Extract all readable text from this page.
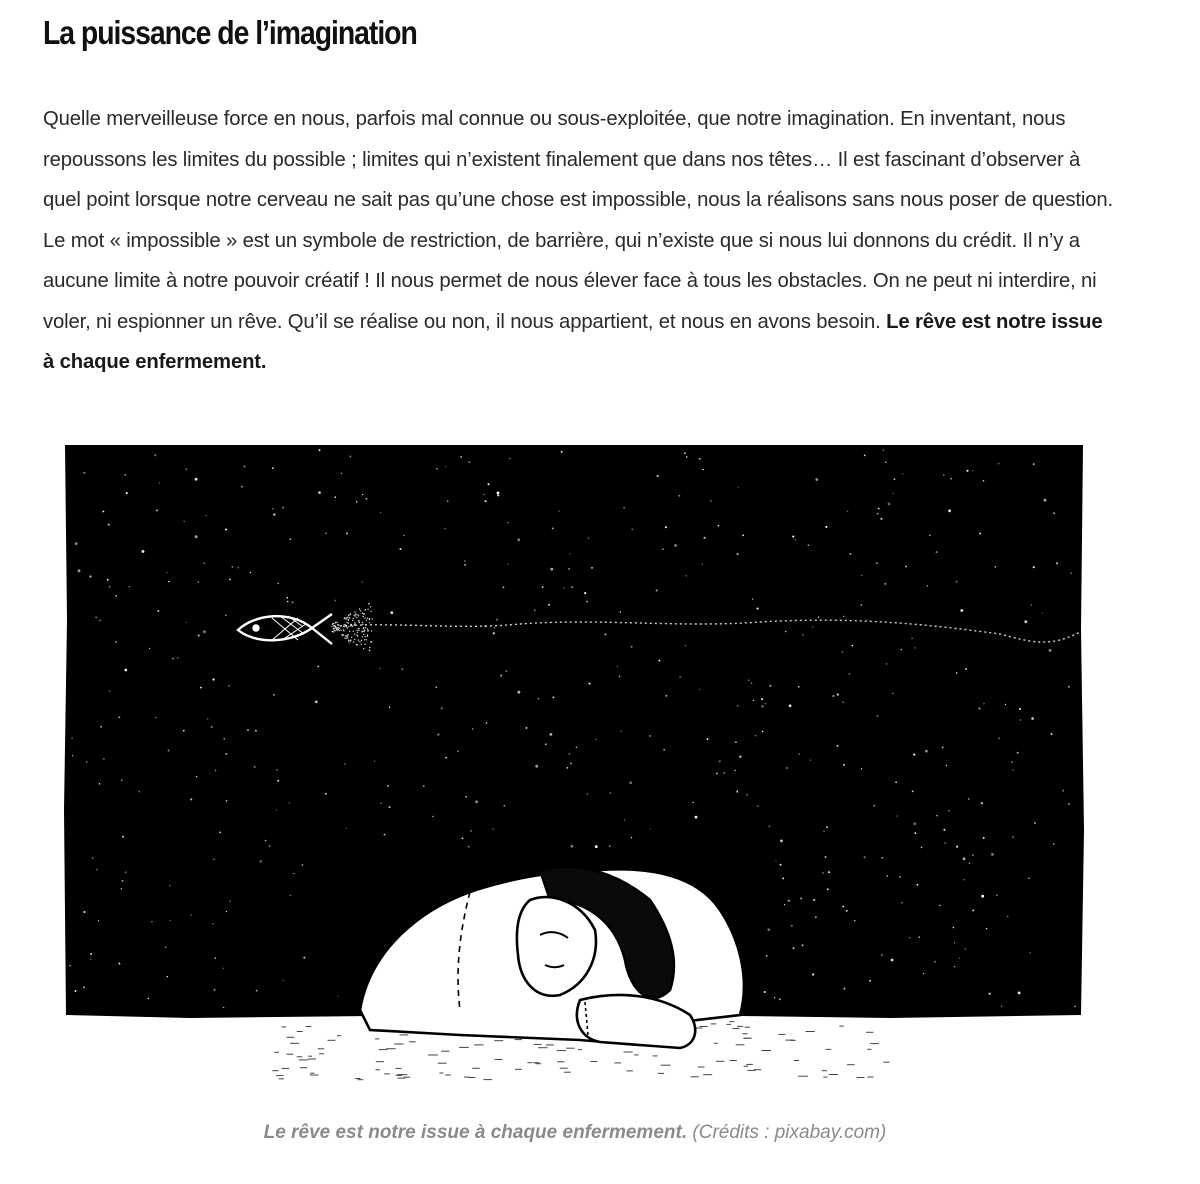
La puissance de l’imagination

Quelle merveilleuse force en nous, parfois mal connue ou sous-exploitée, que notre imagination. En inventant, nous repoussons les limites du possible ; limites qui n’existent finalement que dans nos têtes… Il est fascinant d’observer à quel point lorsque notre cerveau ne sait pas qu’une chose est impossible, nous la réalisons sans nous poser de question. Le mot « impossible » est un symbole de restriction, de barrière, qui n’existe que si nous lui donnons du crédit. Il n’y a aucune limite à notre pouvoir créatif ! Il nous permet de nous élever face à tous les obstacles. On ne peut ni interdire, ni voler, ni espionner un rêve. Qu’il se réalise ou non, il nous appartient, et nous en avons besoin. Le rêve est notre issue à chaque enfermement.

Le rêve est notre issue à chaque enfermement. (Crédits : pixabay.com)
